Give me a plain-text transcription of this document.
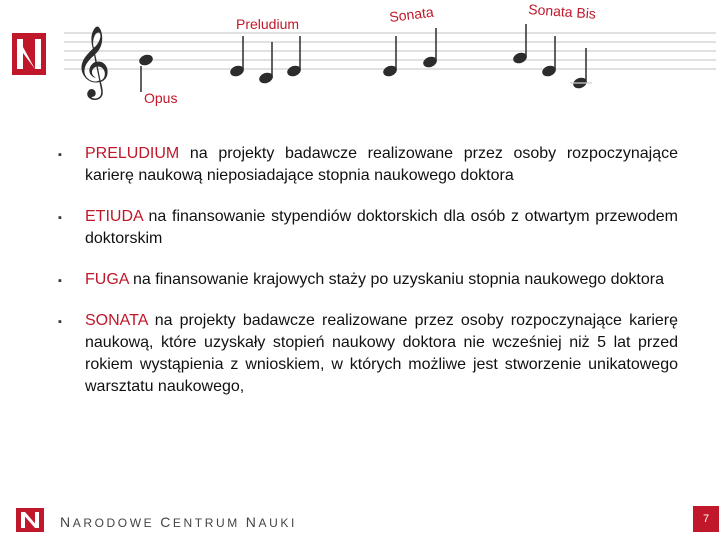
𝄞
Opus
Preludium	Sonata	Sonata Bis
▪ PRELUDIUM na projekty badawcze realizowane przez osoby rozpoczynające karierę naukową nieposiadające stopnia naukowego doktora
▪ ETIUDA na finansowanie stypendiów doktorskich dla osób z otwartym przewodem doktorskim
▪ FUGA na finansowanie krajowych staży po uzyskaniu stopnia naukowego doktora
▪ SONATA na projekty badawcze realizowane przez osoby rozpoczynające karierę naukową, które uzyskały stopień naukowy doktora nie wcześniej niż 5 lat przed rokiem wystąpienia z wnioskiem, w których możliwe jest stworzenie unikatowego warsztatu naukowego,
NARODOWE CENTRUM NAUKI	7
